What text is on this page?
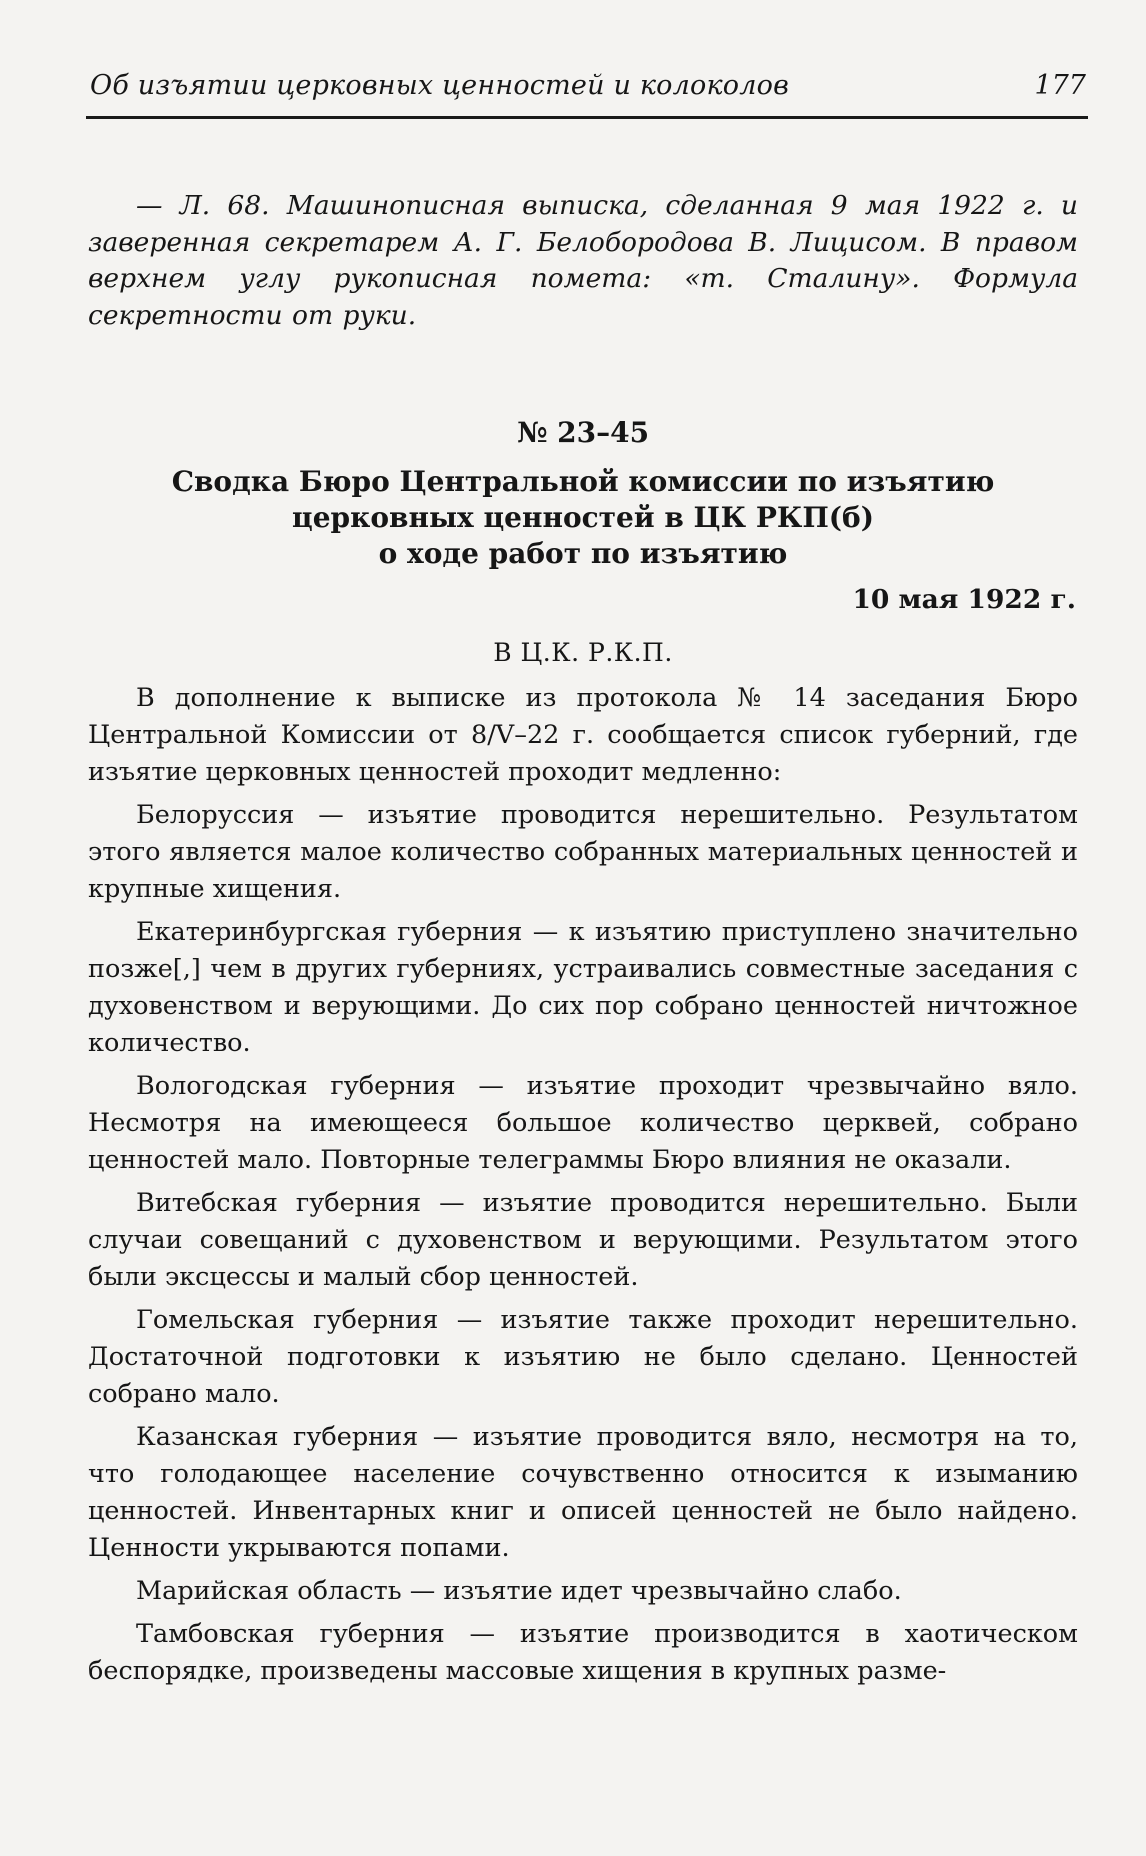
Об изъятии церковных ценностей и колоколов	177

— Л. 68. Машинописная выписка, сделанная 9 мая 1922 г. и заверенная секретарем А. Г. Белобородова В. Лицисом. В правом верхнем углу рукописная помета: «т. Сталину». Формула секретности от руки.

№ 23–45
Сводка Бюро Центральной комиссии по изъятию
церковных ценностей в ЦК РКП(б)
о ходе работ по изъятию
10 мая 1922 г.
В Ц.К. Р.К.П.

В дополнение к выписке из протокола № 14 заседания Бюро Центральной Комиссии от 8/V–22 г. сообщается список губерний, где изъятие церковных ценностей проходит медленно:

Белоруссия — изъятие проводится нерешительно. Результатом этого является малое количество собранных материальных ценностей и крупные хищения.

Екатеринбургская губерния — к изъятию приступлено значительно позже[,] чем в других губерниях, устраивались совместные заседания с духовенством и верующими. До сих пор собрано ценностей ничтожное количество.

Вологодская губерния — изъятие проходит чрезвычайно вяло. Несмотря на имеющееся большое количество церквей, собрано ценностей мало. Повторные телеграммы Бюро влияния не оказали.

Витебская губерния — изъятие проводится нерешительно. Были случаи совещаний с духовенством и верующими. Результатом этого были эксцессы и малый сбор ценностей.

Гомельская губерния — изъятие также проходит нерешительно. Достаточной подготовки к изъятию не было сделано. Ценностей собрано мало.

Казанская губерния — изъятие проводится вяло, несмотря на то, что голодающее население сочувственно относится к изыманию ценностей. Инвентарных книг и описей ценностей не было найдено. Ценности укрываются попами.

Марийская область — изъятие идет чрезвычайно слабо.

Тамбовская губерния — изъятие производится в хаотическом беспорядке, произведены массовые хищения в крупных разме-
